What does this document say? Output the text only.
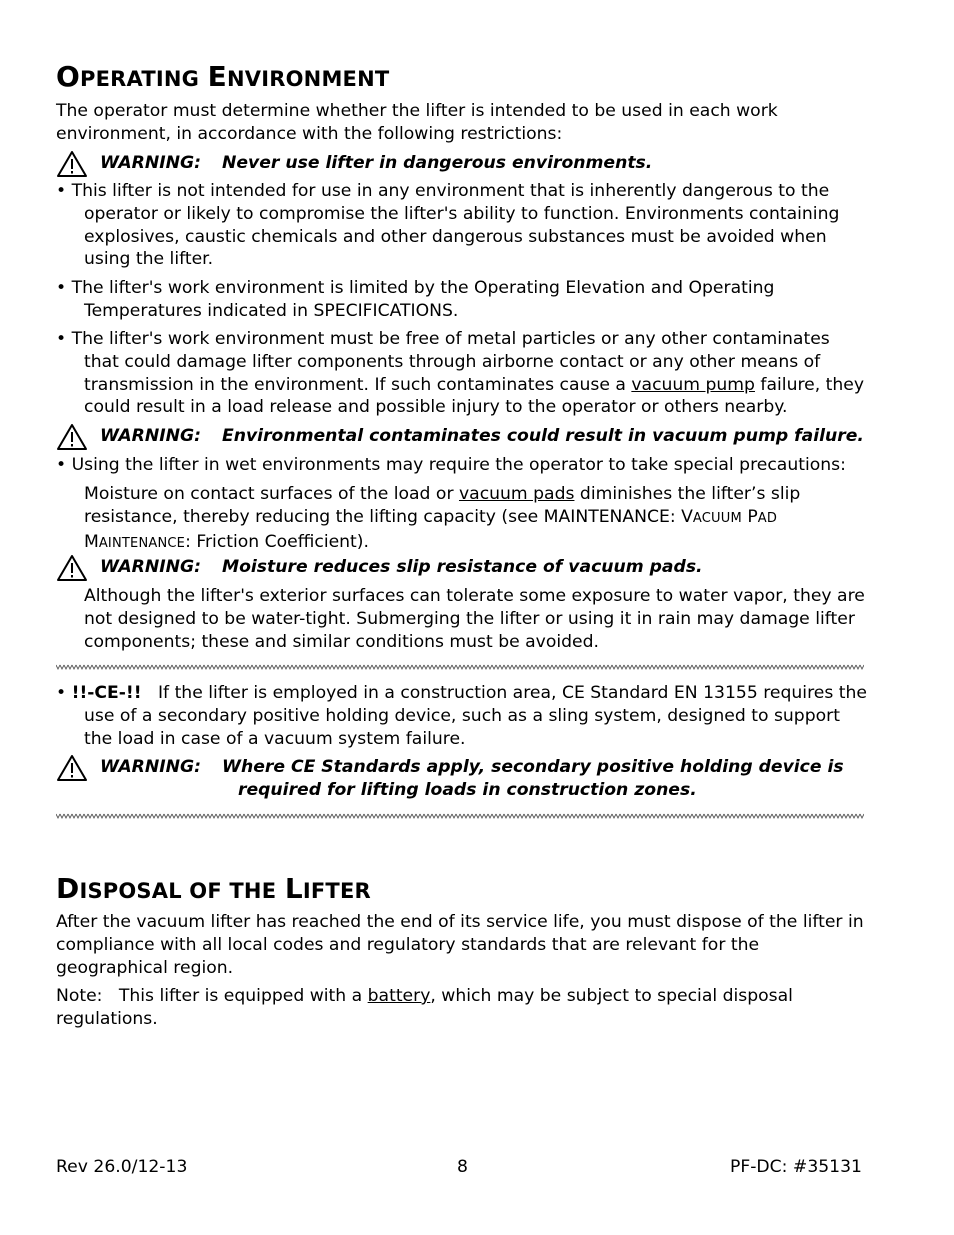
OPERATING ENVIRONMENT
The operator must determine whether the lifter is intended to be used in each work environment, in accordance with the following restrictions:
WARNING: Never use lifter in dangerous environments.
• This lifter is not intended for use in any environment that is inherently dangerous to the operator or likely to compromise the lifter's ability to function. Environments containing explosives, caustic chemicals and other dangerous substances must be avoided when using the lifter.
• The lifter's work environment is limited by the Operating Elevation and Operating Temperatures indicated in SPECIFICATIONS.
• The lifter's work environment must be free of metal particles or any other contaminates that could damage lifter components through airborne contact or any other means of transmission in the environment. If such contaminates cause a vacuum pump failure, they could result in a load release and possible injury to the operator or others nearby.
WARNING: Environmental contaminates could result in vacuum pump failure.
• Using the lifter in wet environments may require the operator to take special precautions:
Moisture on contact surfaces of the load or vacuum pads diminishes the lifter’s slip resistance, thereby reducing the lifting capacity (see MAINTENANCE: VACUUM PAD MAINTENANCE: Friction Coefficient).
WARNING: Moisture reduces slip resistance of vacuum pads.
Although the lifter's exterior surfaces can tolerate some exposure to water vapor, they are not designed to be water-tight. Submerging the lifter or using it in rain may damage lifter components; these and similar conditions must be avoided.
• !!-CE-!!   If the lifter is employed in a construction area, CE Standard EN 13155 requires the use of a secondary positive holding device, such as a sling system, designed to support the load in case of a vacuum system failure.
WARNING: Where CE Standards apply, secondary positive holding device is
required for lifting loads in construction zones.
DISPOSAL OF THE LIFTER
After the vacuum lifter has reached the end of its service life, you must dispose of the lifter in compliance with all local codes and regulatory standards that are relevant for the geographical region.
Note:   This lifter is equipped with a battery, which may be subject to special disposal regulations.
Rev 26.0/12-13	8	PF-DC: #35131
